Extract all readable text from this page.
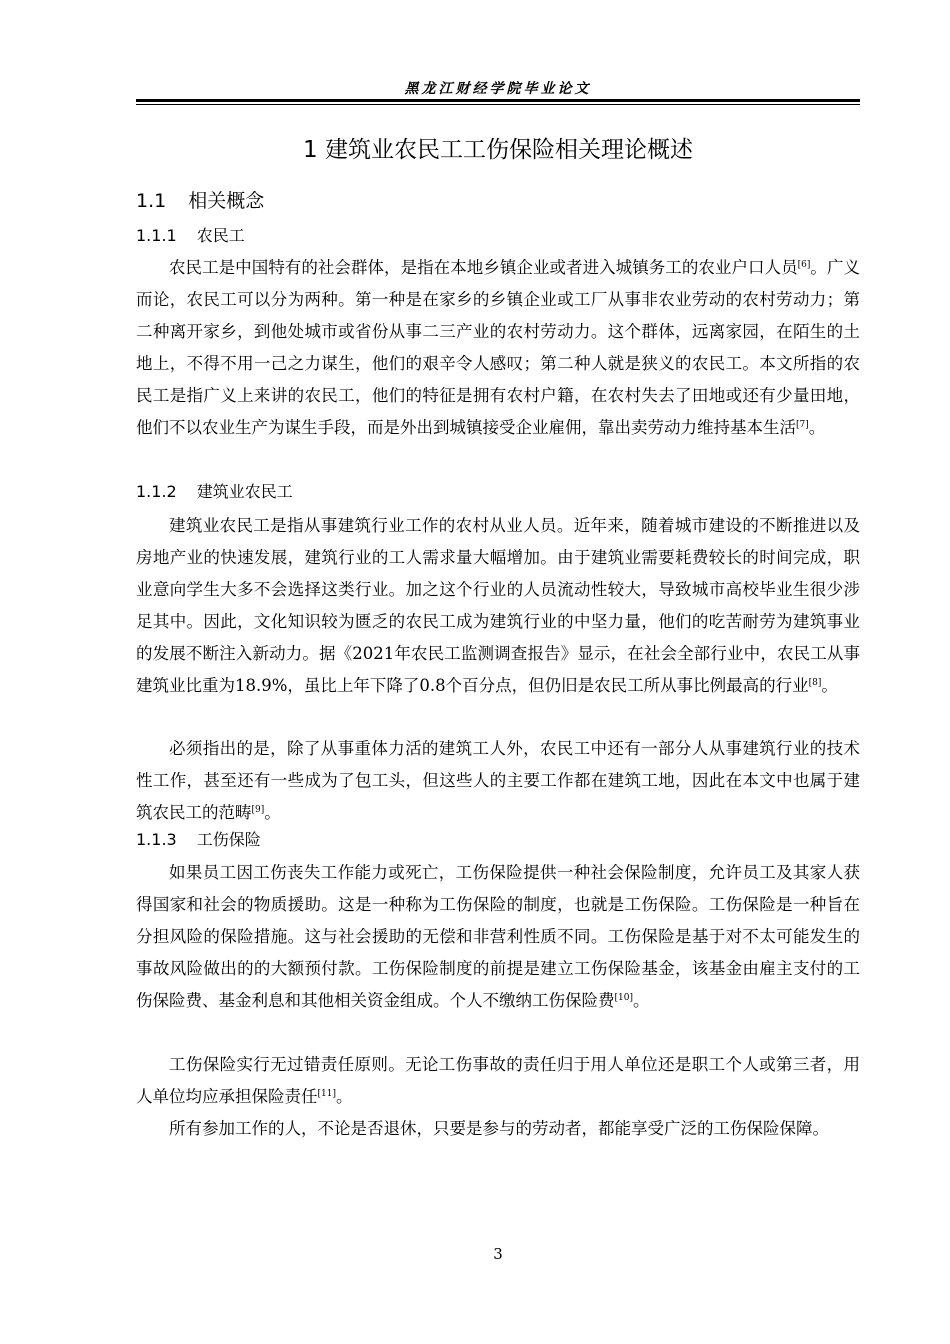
黑龙江财经学院毕业论文
1 建筑业农民工工伤保险相关理论概述
1.1 相关概念
1.1.1 农民工

农民工是中国特有的社会群体，是指在本地乡镇企业或者进入城镇务工的农业户口人员[6]。广义而论，农民工可以分为两种。第一种是在家乡的乡镇企业或工厂从事非农业劳动的农村劳动力；第二种离开家乡，到他处城市或省份从事二三产业的农村劳动力。这个群体，远离家园，在陌生的土地上，不得不用一己之力谋生，他们的艰辛令人感叹；第二种人就是狭义的农民工。本文所指的农民工是指广义上来讲的农民工，他们的特征是拥有农村户籍，在农村失去了田地或还有少量田地，他们不以农业生产为谋生手段，而是外出到城镇接受企业雇佣，靠出卖劳动力维持基本生活[7]。

1.1.2 建筑业农民工

建筑业农民工是指从事建筑行业工作的农村从业人员。近年来，随着城市建设的不断推进以及房地产业的快速发展，建筑行业的工人需求量大幅增加。由于建筑业需要耗费较长的时间完成，职业意向学生大多不会选择这类行业。加之这个行业的人员流动性较大，导致城市高校毕业生很少涉足其中。因此，文化知识较为匮乏的农民工成为建筑行业的中坚力量，他们的吃苦耐劳为建筑事业的发展不断注入新动力。据《2021年农民工监测调查报告》显示，在社会全部行业中，农民工从事建筑业比重为18.9%，虽比上年下降了0.8个百分点，但仍旧是农民工所从事比例最高的行业[8]。

必须指出的是，除了从事重体力活的建筑工人外，农民工中还有一部分人从事建筑行业的技术性工作，甚至还有一些成为了包工头，但这些人的主要工作都在建筑工地，因此在本文中也属于建筑农民工的范畴[9]。

1.1.3 工伤保险

如果员工因工伤丧失工作能力或死亡，工伤保险提供一种社会保险制度，允许员工及其家人获得国家和社会的物质援助。这是一种称为工伤保险的制度，也就是工伤保险。工伤保险是一种旨在分担风险的保险措施。这与社会援助的无偿和非营利性质不同。工伤保险是基于对不太可能发生的事故风险做出的的大额预付款。工伤保险制度的前提是建立工伤保险基金，该基金由雇主支付的工伤保险费、基金利息和其他相关资金组成。个人不缴纳工伤保险费[10]。

工伤保险实行无过错责任原则。无论工伤事故的责任归于用人单位还是职工个人或第三者，用人单位均应承担保险责任[11]。

所有参加工作的人，不论是否退休，只要是参与的劳动者，都能享受广泛的工伤保险保障。

3
